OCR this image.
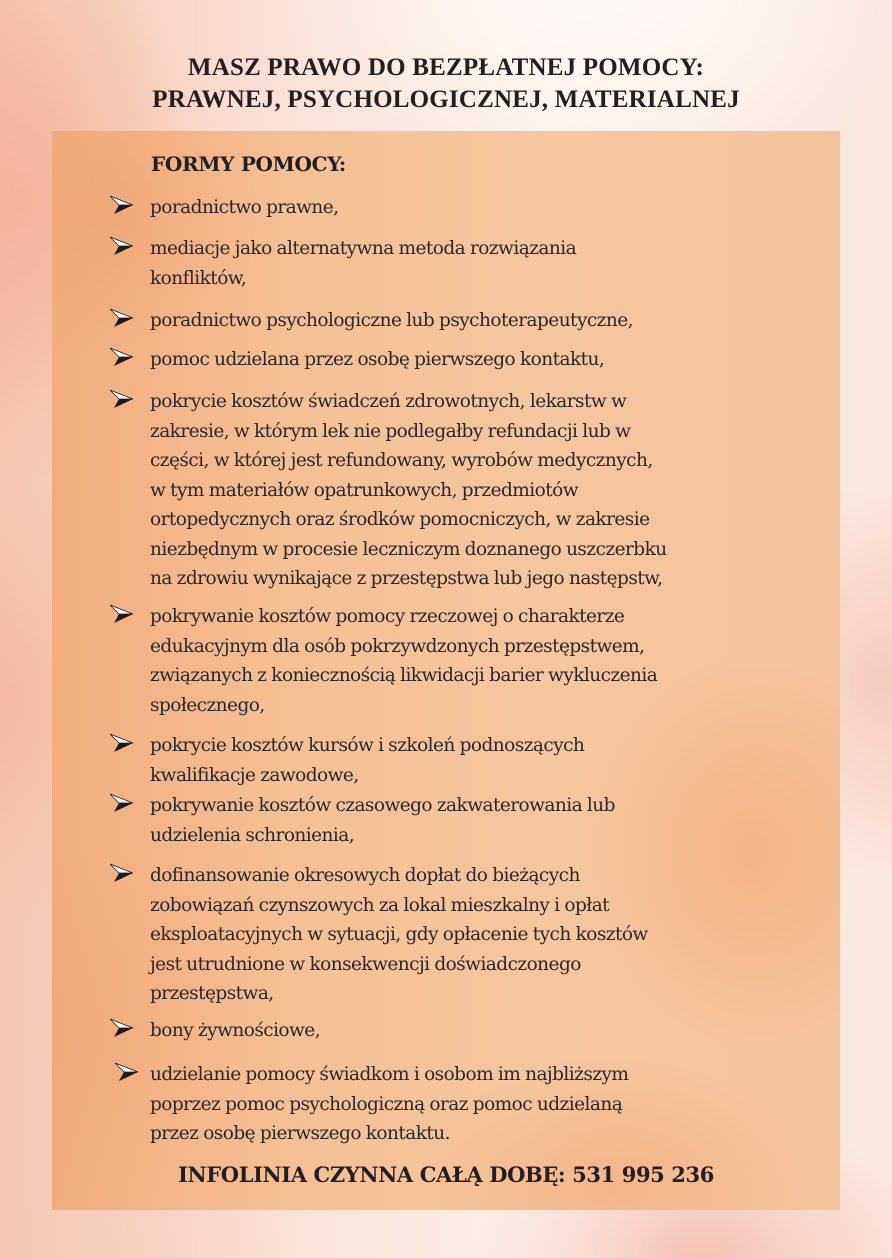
MASZ PRAWO DO BEZPŁATNEJ POMOCY:
PRAWNEJ, PSYCHOLOGICZNEJ, MATERIALNEJ
FORMY POMOCY:
poradnictwo prawne,
mediacje jako alternatywna metoda rozwiązania
konfliktów,
poradnictwo psychologiczne lub psychoterapeutyczne,
pomoc udzielana przez osobę pierwszego kontaktu,
pokrycie kosztów świadczeń zdrowotnych, lekarstw w
zakresie, w którym lek nie podlegałby refundacji lub w
części, w której jest refundowany, wyrobów medycznych,
w tym materiałów opatrunkowych, przedmiotów
ortopedycznych oraz środków pomocniczych, w zakresie
niezbędnym w procesie leczniczym doznanego uszczerbku
na zdrowiu wynikające z przestępstwa lub jego następstw,
pokrywanie kosztów pomocy rzeczowej o charakterze
edukacyjnym dla osób pokrzywdzonych przestępstwem,
związanych z koniecznością likwidacji barier wykluczenia
społecznego,
pokrycie kosztów kursów i szkoleń podnoszących
kwalifikacje zawodowe,
pokrywanie kosztów czasowego zakwaterowania lub
udzielenia schronienia,
dofinansowanie okresowych dopłat do bieżących
zobowiązań czynszowych za lokal mieszkalny i opłat
eksploatacyjnych w sytuacji, gdy opłacenie tych kosztów
jest utrudnione w konsekwencji doświadczonego
przestępstwa,
bony żywnościowe,
udzielanie pomocy świadkom i osobom im najbliższym
poprzez pomoc psychologiczną oraz pomoc udzielaną
przez osobę pierwszego kontaktu.
INFOLINIA CZYNNA CAŁĄ DOBĘ: 531 995 236
